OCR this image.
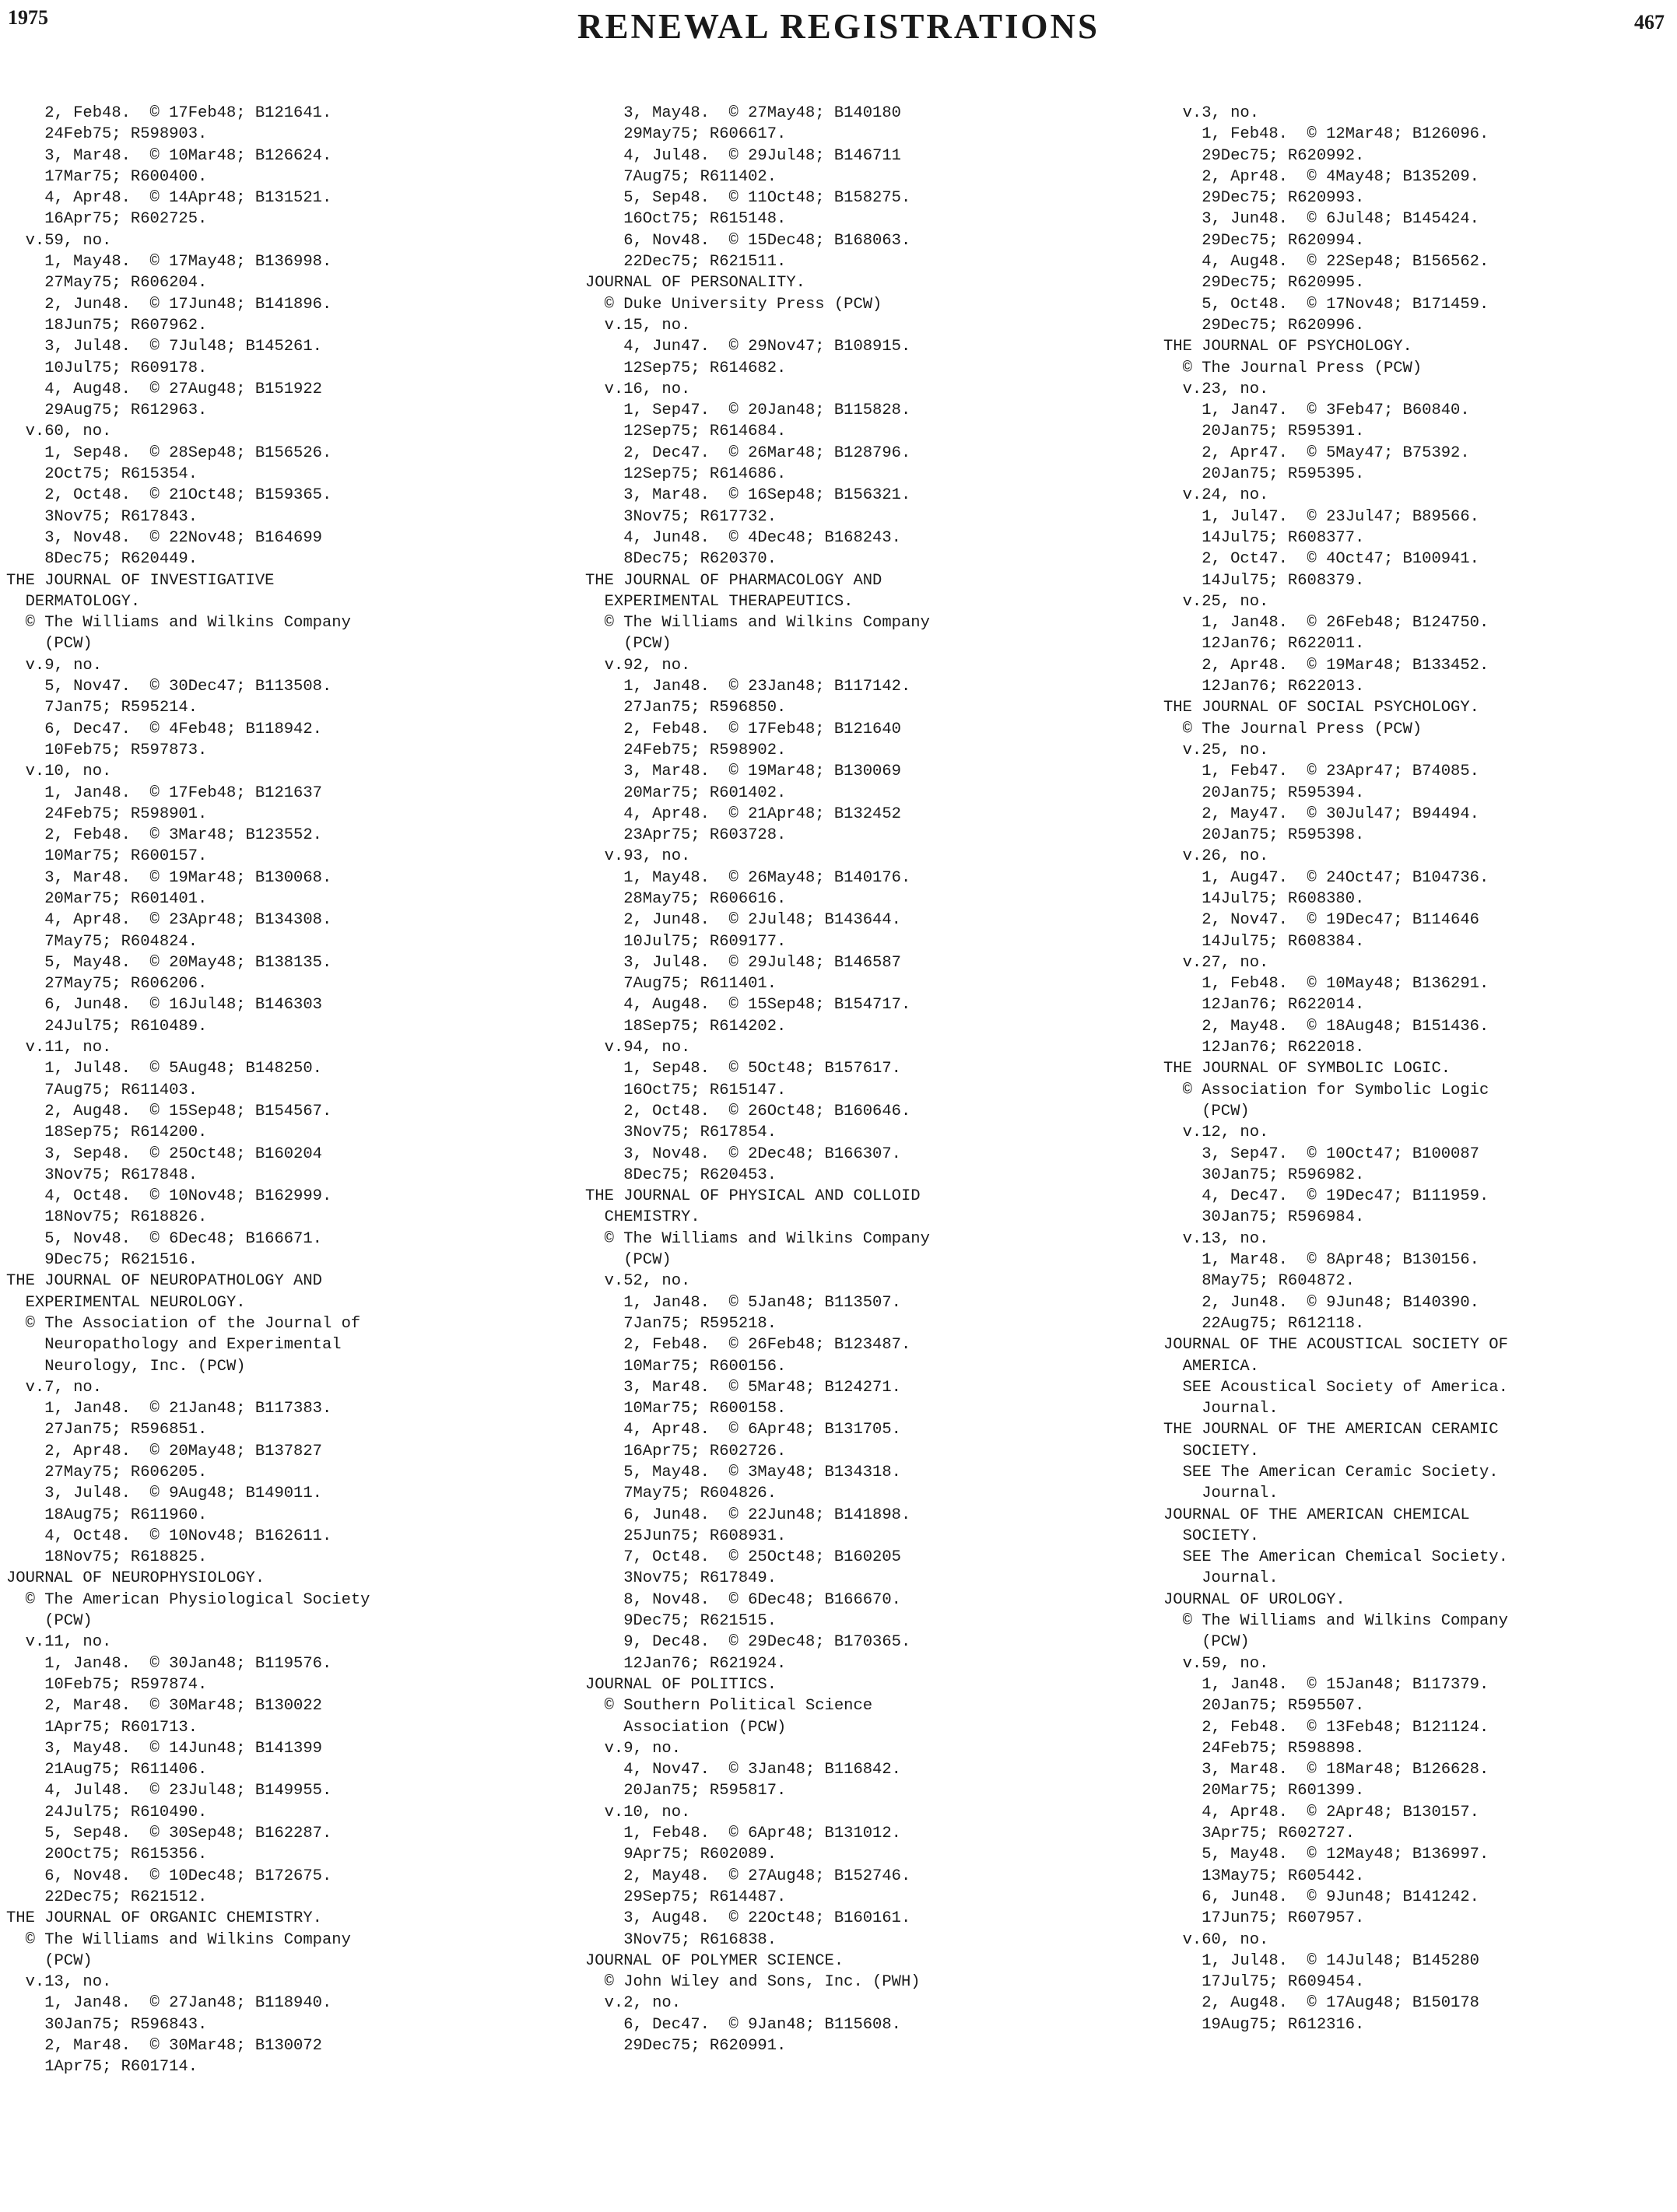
1975	RENEWAL REGISTRATIONS	467
2, Feb48.  © 17Feb48; B121641.
24Feb75; R598903.
3, Mar48.  © 10Mar48; B126624.
17Mar75; R600400.
4, Apr48.  © 14Apr48; B131521.
16Apr75; R602725.
v.59, no.
1, May48.  © 17May48; B136998.
27May75; R606204.
2, Jun48.  © 17Jun48; B141896.
18Jun75; R607962.
3, Jul48.  © 7Jul48; B145261.
10Jul75; R609178.
4, Aug48.  © 27Aug48; B151922
29Aug75; R612963.
v.60, no.
1, Sep48.  © 28Sep48; B156526.
2Oct75; R615354.
2, Oct48.  © 21Oct48; B159365.
3Nov75; R617843.
3, Nov48.  © 22Nov48; B164699
8Dec75; R620449.
THE JOURNAL OF INVESTIGATIVE
DERMATOLOGY.
© The Williams and Wilkins Company
(PCW)
v.9, no.
5, Nov47.  © 30Dec47; B113508.
7Jan75; R595214.
6, Dec47.  © 4Feb48; B118942.
10Feb75; R597873.
v.10, no.
1, Jan48.  © 17Feb48; B121637
24Feb75; R598901.
2, Feb48.  © 3Mar48; B123552.
10Mar75; R600157.
3, Mar48.  © 19Mar48; B130068.
20Mar75; R601401.
4, Apr48.  © 23Apr48; B134308.
7May75; R604824.
5, May48.  © 20May48; B138135.
27May75; R606206.
6, Jun48.  © 16Jul48; B146303
24Jul75; R610489.
v.11, no.
1, Jul48.  © 5Aug48; B148250.
7Aug75; R611403.
2, Aug48.  © 15Sep48; B154567.
18Sep75; R614200.
3, Sep48.  © 25Oct48; B160204
3Nov75; R617848.
4, Oct48.  © 10Nov48; B162999.
18Nov75; R618826.
5, Nov48.  © 6Dec48; B166671.
9Dec75; R621516.
THE JOURNAL OF NEUROPATHOLOGY AND
EXPERIMENTAL NEUROLOGY.
© The Association of the Journal of
Neuropathology and Experimental
Neurology, Inc. (PCW)
v.7, no.
1, Jan48.  © 21Jan48; B117383.
27Jan75; R596851.
2, Apr48.  © 20May48; B137827
27May75; R606205.
3, Jul48.  © 9Aug48; B149011.
18Aug75; R611960.
4, Oct48.  © 10Nov48; B162611.
18Nov75; R618825.
JOURNAL OF NEUROPHYSIOLOGY.
© The American Physiological Society
(PCW)
v.11, no.
1, Jan48.  © 30Jan48; B119576.
10Feb75; R597874.
2, Mar48.  © 30Mar48; B130022
1Apr75; R601713.
3, May48.  © 14Jun48; B141399
21Aug75; R611406.
4, Jul48.  © 23Jul48; B149955.
24Jul75; R610490.
5, Sep48.  © 30Sep48; B162287.
20Oct75; R615356.
6, Nov48.  © 10Dec48; B172675.
22Dec75; R621512.
THE JOURNAL OF ORGANIC CHEMISTRY.
© The Williams and Wilkins Company
(PCW)
v.13, no.
1, Jan48.  © 27Jan48; B118940.
30Jan75; R596843.
2, Mar48.  © 30Mar48; B130072
1Apr75; R601714.
3, May48.  © 27May48; B140180
29May75; R606617.
4, Jul48.  © 29Jul48; B146711
7Aug75; R611402.
5, Sep48.  © 11Oct48; B158275.
16Oct75; R615148.
6, Nov48.  © 15Dec48; B168063.
22Dec75; R621511.
JOURNAL OF PERSONALITY.
© Duke University Press (PCW)
v.15, no.
4, Jun47.  © 29Nov47; B108915.
12Sep75; R614682.
v.16, no.
1, Sep47.  © 20Jan48; B115828.
12Sep75; R614684.
2, Dec47.  © 26Mar48; B128796.
12Sep75; R614686.
3, Mar48.  © 16Sep48; B156321.
3Nov75; R617732.
4, Jun48.  © 4Dec48; B168243.
8Dec75; R620370.
THE JOURNAL OF PHARMACOLOGY AND
EXPERIMENTAL THERAPEUTICS.
© The Williams and Wilkins Company
(PCW)
v.92, no.
1, Jan48.  © 23Jan48; B117142.
27Jan75; R596850.
2, Feb48.  © 17Feb48; B121640
24Feb75; R598902.
3, Mar48.  © 19Mar48; B130069
20Mar75; R601402.
4, Apr48.  © 21Apr48; B132452
23Apr75; R603728.
v.93, no.
1, May48.  © 26May48; B140176.
28May75; R606616.
2, Jun48.  © 2Jul48; B143644.
10Jul75; R609177.
3, Jul48.  © 29Jul48; B146587
7Aug75; R611401.
4, Aug48.  © 15Sep48; B154717.
18Sep75; R614202.
v.94, no.
1, Sep48.  © 5Oct48; B157617.
16Oct75; R615147.
2, Oct48.  © 26Oct48; B160646.
3Nov75; R617854.
3, Nov48.  © 2Dec48; B166307.
8Dec75; R620453.
THE JOURNAL OF PHYSICAL AND COLLOID
CHEMISTRY.
© The Williams and Wilkins Company
(PCW)
v.52, no.
1, Jan48.  © 5Jan48; B113507.
7Jan75; R595218.
2, Feb48.  © 26Feb48; B123487.
10Mar75; R600156.
3, Mar48.  © 5Mar48; B124271.
10Mar75; R600158.
4, Apr48.  © 6Apr48; B131705.
16Apr75; R602726.
5, May48.  © 3May48; B134318.
7May75; R604826.
6, Jun48.  © 22Jun48; B141898.
25Jun75; R608931.
7, Oct48.  © 25Oct48; B160205
3Nov75; R617849.
8, Nov48.  © 6Dec48; B166670.
9Dec75; R621515.
9, Dec48.  © 29Dec48; B170365.
12Jan76; R621924.
JOURNAL OF POLITICS.
© Southern Political Science
Association (PCW)
v.9, no.
4, Nov47.  © 3Jan48; B116842.
20Jan75; R595817.
v.10, no.
1, Feb48.  © 6Apr48; B131012.
9Apr75; R602089.
2, May48.  © 27Aug48; B152746.
29Sep75; R614487.
3, Aug48.  © 22Oct48; B160161.
3Nov75; R616838.
JOURNAL OF POLYMER SCIENCE.
© John Wiley and Sons, Inc. (PWH)
v.2, no.
6, Dec47.  © 9Jan48; B115608.
29Dec75; R620991.
v.3, no.
1, Feb48.  © 12Mar48; B126096.
29Dec75; R620992.
2, Apr48.  © 4May48; B135209.
29Dec75; R620993.
3, Jun48.  © 6Jul48; B145424.
29Dec75; R620994.
4, Aug48.  © 22Sep48; B156562.
29Dec75; R620995.
5, Oct48.  © 17Nov48; B171459.
29Dec75; R620996.
THE JOURNAL OF PSYCHOLOGY.
© The Journal Press (PCW)
v.23, no.
1, Jan47.  © 3Feb47; B60840.
20Jan75; R595391.
2, Apr47.  © 5May47; B75392.
20Jan75; R595395.
v.24, no.
1, Jul47.  © 23Jul47; B89566.
14Jul75; R608377.
2, Oct47.  © 4Oct47; B100941.
14Jul75; R608379.
v.25, no.
1, Jan48.  © 26Feb48; B124750.
12Jan76; R622011.
2, Apr48.  © 19Mar48; B133452.
12Jan76; R622013.
THE JOURNAL OF SOCIAL PSYCHOLOGY.
© The Journal Press (PCW)
v.25, no.
1, Feb47.  © 23Apr47; B74085.
20Jan75; R595394.
2, May47.  © 30Jul47; B94494.
20Jan75; R595398.
v.26, no.
1, Aug47.  © 24Oct47; B104736.
14Jul75; R608380.
2, Nov47.  © 19Dec47; B114646
14Jul75; R608384.
v.27, no.
1, Feb48.  © 10May48; B136291.
12Jan76; R622014.
2, May48.  © 18Aug48; B151436.
12Jan76; R622018.
THE JOURNAL OF SYMBOLIC LOGIC.
© Association for Symbolic Logic
(PCW)
v.12, no.
3, Sep47.  © 10Oct47; B100087
30Jan75; R596982.
4, Dec47.  © 19Dec47; B111959.
30Jan75; R596984.
v.13, no.
1, Mar48.  © 8Apr48; B130156.
8May75; R604872.
2, Jun48.  © 9Jun48; B140390.
22Aug75; R612118.
JOURNAL OF THE ACOUSTICAL SOCIETY OF
AMERICA.
SEE Acoustical Society of America.
Journal.
THE JOURNAL OF THE AMERICAN CERAMIC
SOCIETY.
SEE The American Ceramic Society.
Journal.
JOURNAL OF THE AMERICAN CHEMICAL
SOCIETY.
SEE The American Chemical Society.
Journal.
JOURNAL OF UROLOGY.
© The Williams and Wilkins Company
(PCW)
v.59, no.
1, Jan48.  © 15Jan48; B117379.
20Jan75; R595507.
2, Feb48.  © 13Feb48; B121124.
24Feb75; R598898.
3, Mar48.  © 18Mar48; B126628.
20Mar75; R601399.
4, Apr48.  © 2Apr48; B130157.
3Apr75; R602727.
5, May48.  © 12May48; B136997.
13May75; R605442.
6, Jun48.  © 9Jun48; B141242.
17Jun75; R607957.
v.60, no.
1, Jul48.  © 14Jul48; B145280
17Jul75; R609454.
2, Aug48.  © 17Aug48; B150178
19Aug75; R612316.
